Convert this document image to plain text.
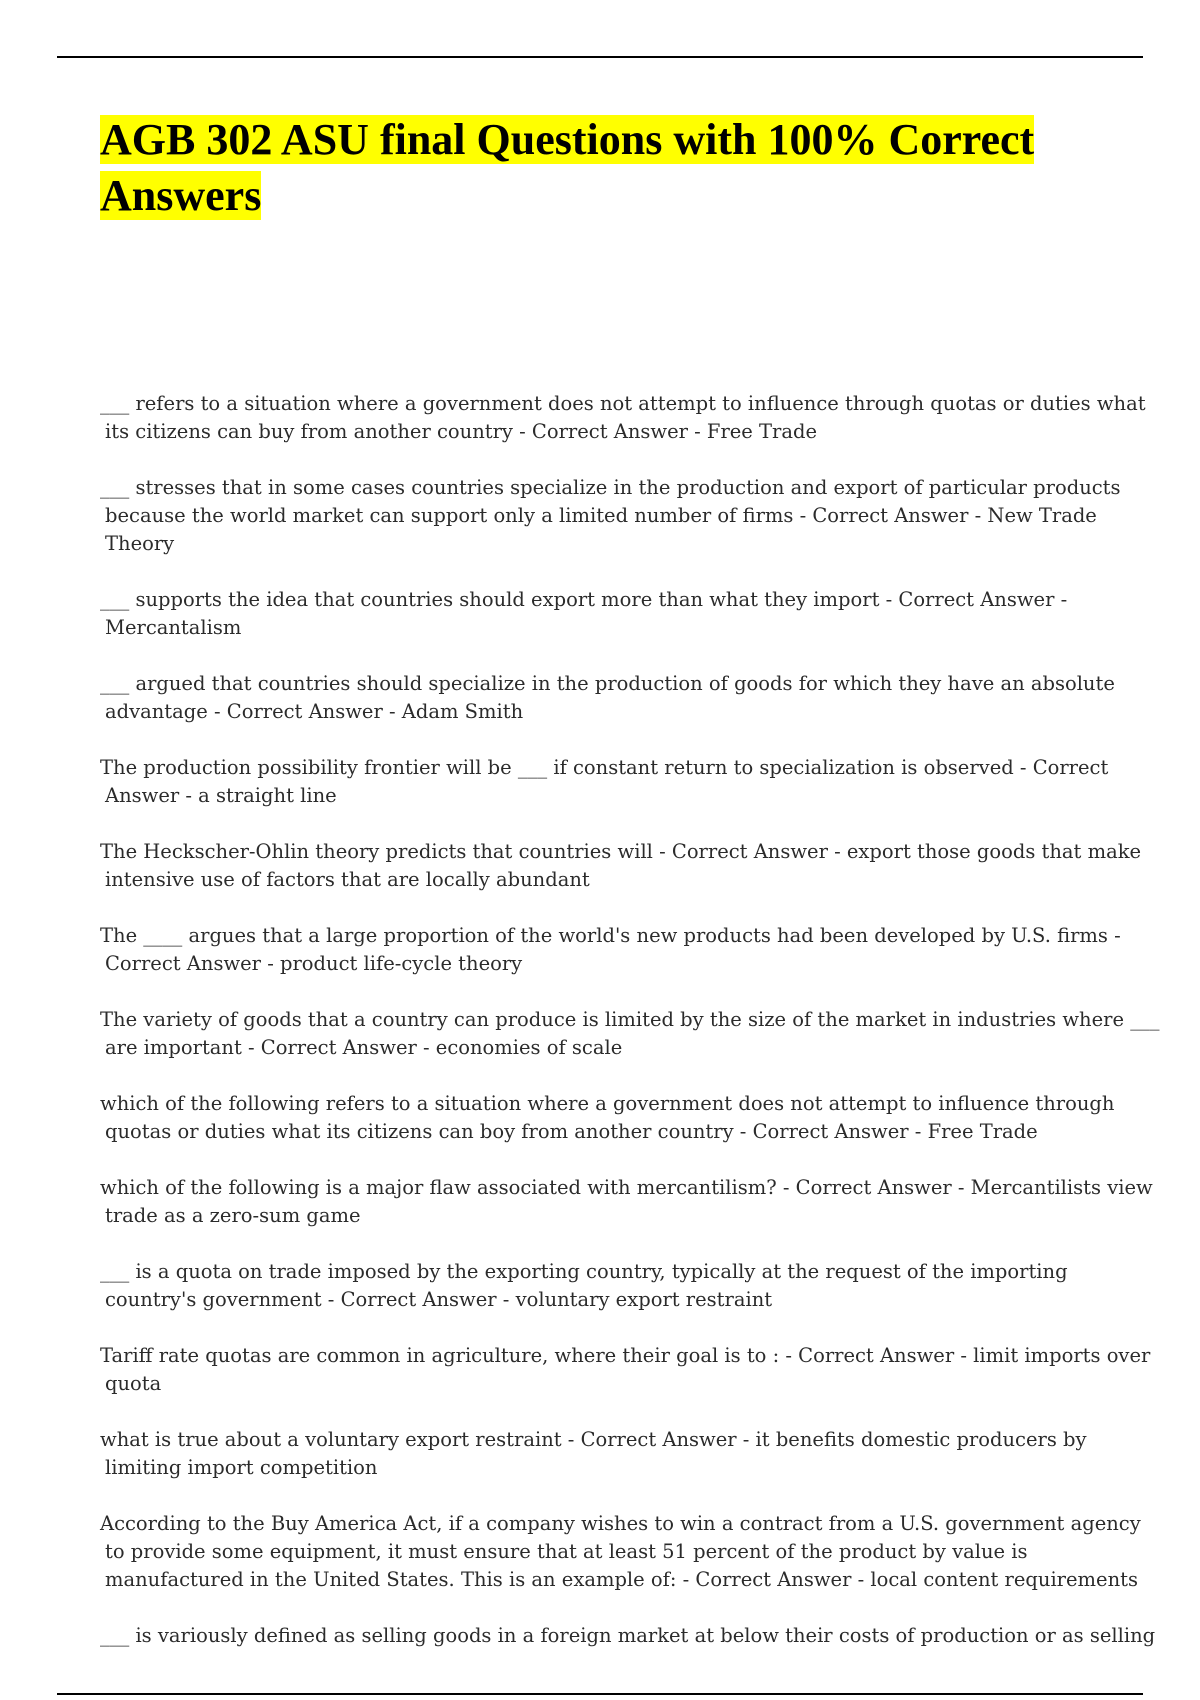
AGB 302 ASU final Questions with 100% Correct Answers

___ refers to a situation where a government does not attempt to influence through quotas or duties what its citizens can buy from another country - Correct Answer - Free Trade

___ stresses that in some cases countries specialize in the production and export of particular products because the world market can support only a limited number of firms - Correct Answer - New Trade Theory

___ supports the idea that countries should export more than what they import - Correct Answer - Mercantalism

___ argued that countries should specialize in the production of goods for which they have an absolute advantage - Correct Answer - Adam Smith

The production possibility frontier will be ___ if constant return to specialization is observed - Correct Answer - a straight line

The Heckscher-Ohlin theory predicts that countries will - Correct Answer - export those goods that make intensive use of factors that are locally abundant

The ____ argues that a large proportion of the world's new products had been developed by U.S. firms - Correct Answer - product life-cycle theory

The variety of goods that a country can produce is limited by the size of the market in industries where ___ are important - Correct Answer - economies of scale

which of the following refers to a situation where a government does not attempt to influence through quotas or duties what its citizens can boy from another country - Correct Answer - Free Trade

which of the following is a major flaw associated with mercantilism? - Correct Answer - Mercantilists view trade as a zero-sum game

___ is a quota on trade imposed by the exporting country, typically at the request of the importing country's government - Correct Answer - voluntary export restraint

Tariff rate quotas are common in agriculture, where their goal is to : - Correct Answer - limit imports over quota

what is true about a voluntary export restraint - Correct Answer - it benefits domestic producers by limiting import competition

According to the Buy America Act, if a company wishes to win a contract from a U.S. government agency to provide some equipment, it must ensure that at least 51 percent of the product by value is manufactured in the United States. This is an example of: - Correct Answer - local content requirements

___ is variously defined as selling goods in a foreign market at below their costs of production or as selling
